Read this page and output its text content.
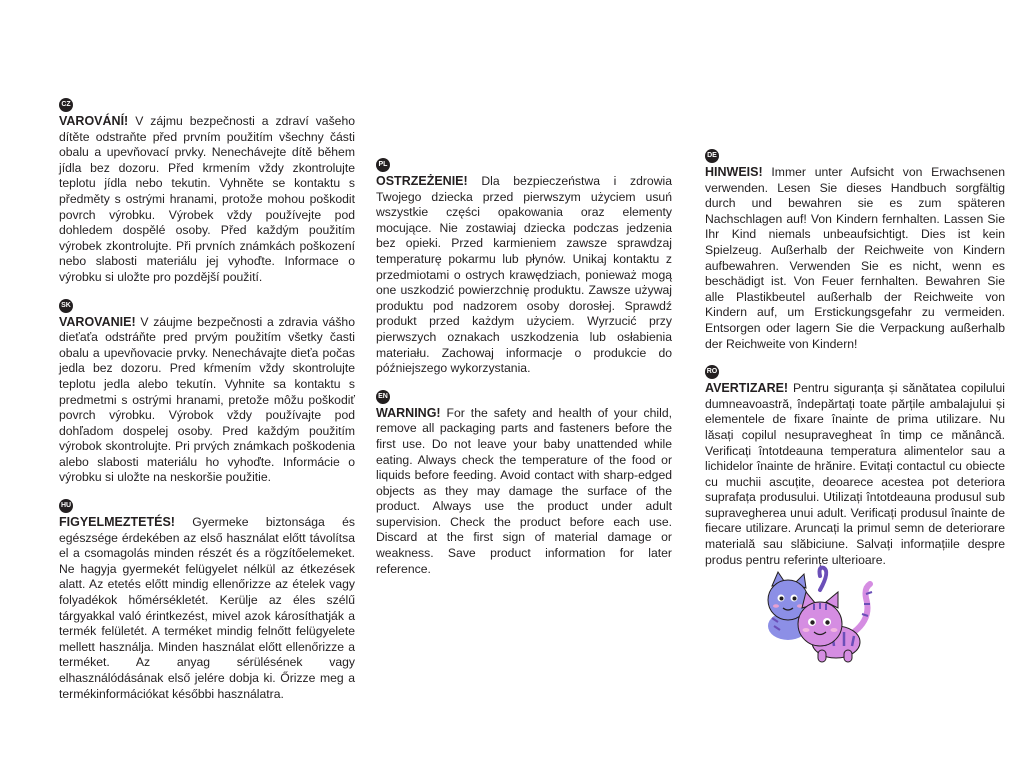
CZ

VAROVÁNÍ! V zájmu bezpečnosti a zdraví vašeho dítěte odstraňte před prvním použitím všechny části obalu a upevňovací prvky. Nenechávejte dítě během jídla bez dozoru. Před krmením vždy zkontrolujte teplotu jídla nebo tekutin. Vyhněte se kontaktu s předměty s ostrými hranami, protože mohou poškodit povrch výrobku. Výrobek vždy používejte pod dohledem dospělé osoby. Před každým použitím výrobek zkontrolujte. Při prvních známkách poškození nebo slabosti materiálu jej vyhoďte. Informace o výrobku si uložte pro pozdější použití.

SK

VAROVANIE! V záujme bezpečnosti a zdravia vášho dieťaťa odstráňte pred prvým použitím všetky časti obalu a upevňovacie prvky. Nenechávajte dieťa počas jedla bez dozoru. Pred kŕmením vždy skontrolujte teplotu jedla alebo tekutín. Vyhnite sa kontaktu s predmetmi s ostrými hranami, pretože môžu poškodiť povrch výrobku. Výrobok vždy používajte pod dohľadom dospelej osoby. Pred každým použitím výrobok skontrolujte. Pri prvých známkach poškodenia alebo slabosti materiálu ho vyhoďte. Informácie o výrobku si uložte na neskoršie použitie.

HU

FIGYELMEZTETÉS! Gyermeke biztonsága és egészsége érdekében az első használat előtt távolítsa el a csomagolás minden részét és a rögzítőelemeket. Ne hagyja gyermekét felügyelet nélkül az étkezések alatt. Az etetés előtt mindig ellenőrizze az ételek vagy folyadékok hőmérsékletét. Kerülje az éles szélű tárgyakkal való érintkezést, mivel azok károsíthatják a termék felületét. A terméket mindig felnőtt felügyelete mellett használja. Minden használat előtt ellenőrizze a terméket. Az anyag sérülésének vagy elhasználódásának első jelére dobja ki. Őrizze meg a termékinformációkat későbbi használatra.

PL

OSTRZEŻENIE! Dla bezpieczeństwa i zdrowia Twojego dziecka przed pierwszym użyciem usuń wszystkie części opakowania oraz elementy mocujące. Nie zostawiaj dziecka podczas jedzenia bez opieki. Przed karmieniem zawsze sprawdzaj temperaturę pokarmu lub płynów. Unikaj kontaktu z przedmiotami o ostrych krawędziach, ponieważ mogą one uszkodzić powierzchnię produktu. Zawsze używaj produktu pod nadzorem osoby dorosłej. Sprawdź produkt przed każdym użyciem. Wyrzucić przy pierwszych oznakach uszkodzenia lub osłabienia materiału. Zachowaj informacje o produkcie do późniejszego wykorzystania.

EN

WARNING! For the safety and health of your child, remove all packaging parts and fasteners before the first use. Do not leave your baby unattended while eating. Always check the temperature of the food or liquids before feeding. Avoid contact with sharp-edged objects as they may damage the surface of the product. Always use the product under adult supervision. Check the product before each use. Discard at the first sign of material damage or weakness. Save product information for later reference.

DE

HINWEIS! Immer unter Aufsicht von Erwachsenen verwenden. Lesen Sie dieses Handbuch sorgfältig durch und bewahren sie es zum späteren Nachschlagen auf! Von Kindern fernhalten. Lassen Sie Ihr Kind niemals unbeaufsichtigt. Dies ist kein Spielzeug. Außerhalb der Reichweite von Kindern aufbewahren. Verwenden Sie es nicht, wenn es beschädigt ist. Von Feuer fernhalten. Bewahren Sie alle Plastikbeutel außerhalb der Reichweite von Kindern auf, um Erstickungsgefahr zu vermeiden. Entsorgen oder lagern Sie die Verpackung außerhalb der Reichweite von Kindern!

RO

AVERTIZARE! Pentru siguranța și sănătatea copilului dumneavoastră, îndepărtați toate părțile ambalajului și elementele de fixare înainte de prima utilizare. Nu lăsați copilul nesupravegheat în timp ce mănâncă. Verificați întotdeauna temperatura alimentelor sau a lichidelor înainte de hrănire. Evitați contactul cu obiecte cu muchii ascuțite, deoarece acestea pot deteriora suprafața produsului. Utilizați întotdeauna produsul sub supravegherea unui adult. Verificați produsul înainte de fiecare utilizare. Aruncați la primul semn de deteriorare materială sau slăbiciune. Salvați informațiile despre produs pentru referințe ulterioare.
